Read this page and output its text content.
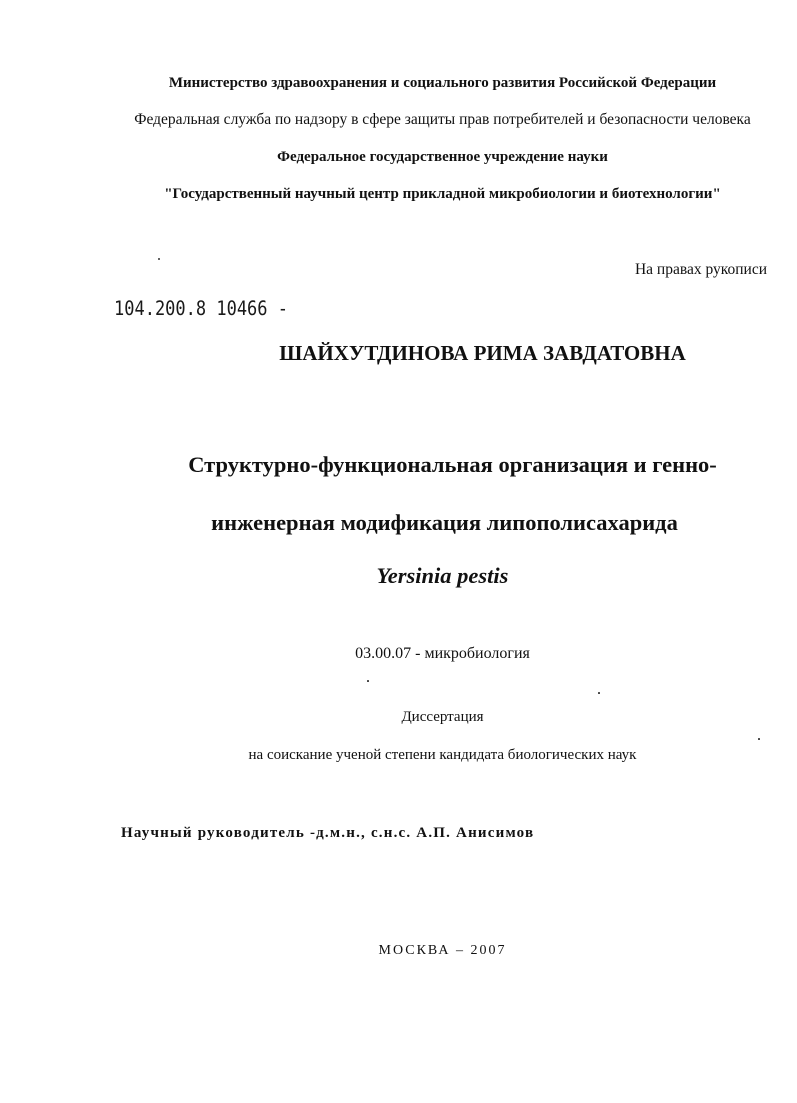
Министерство здравоохранения и социального развития Российской Федерации
Федеральная служба по надзору в сфере защиты прав потребителей и безопасности человека
Федеральное государственное учреждение науки
"Государственный научный центр прикладной микробиологии и биотехнологии"
На правах рукописи
104.200.8 10466 -
ШАЙХУТДИНОВА РИМА ЗАВДАТОВНА
Структурно-функциональная организация и генно-
инженерная модификация липополисахарида
Yersinia pestis
03.00.07 - микробиология
Диссертация
на соискание ученой степени кандидата биологических наук
Научный руководитель -д.м.н., с.н.с. А.П. Анисимов
МОСКВА – 2007
